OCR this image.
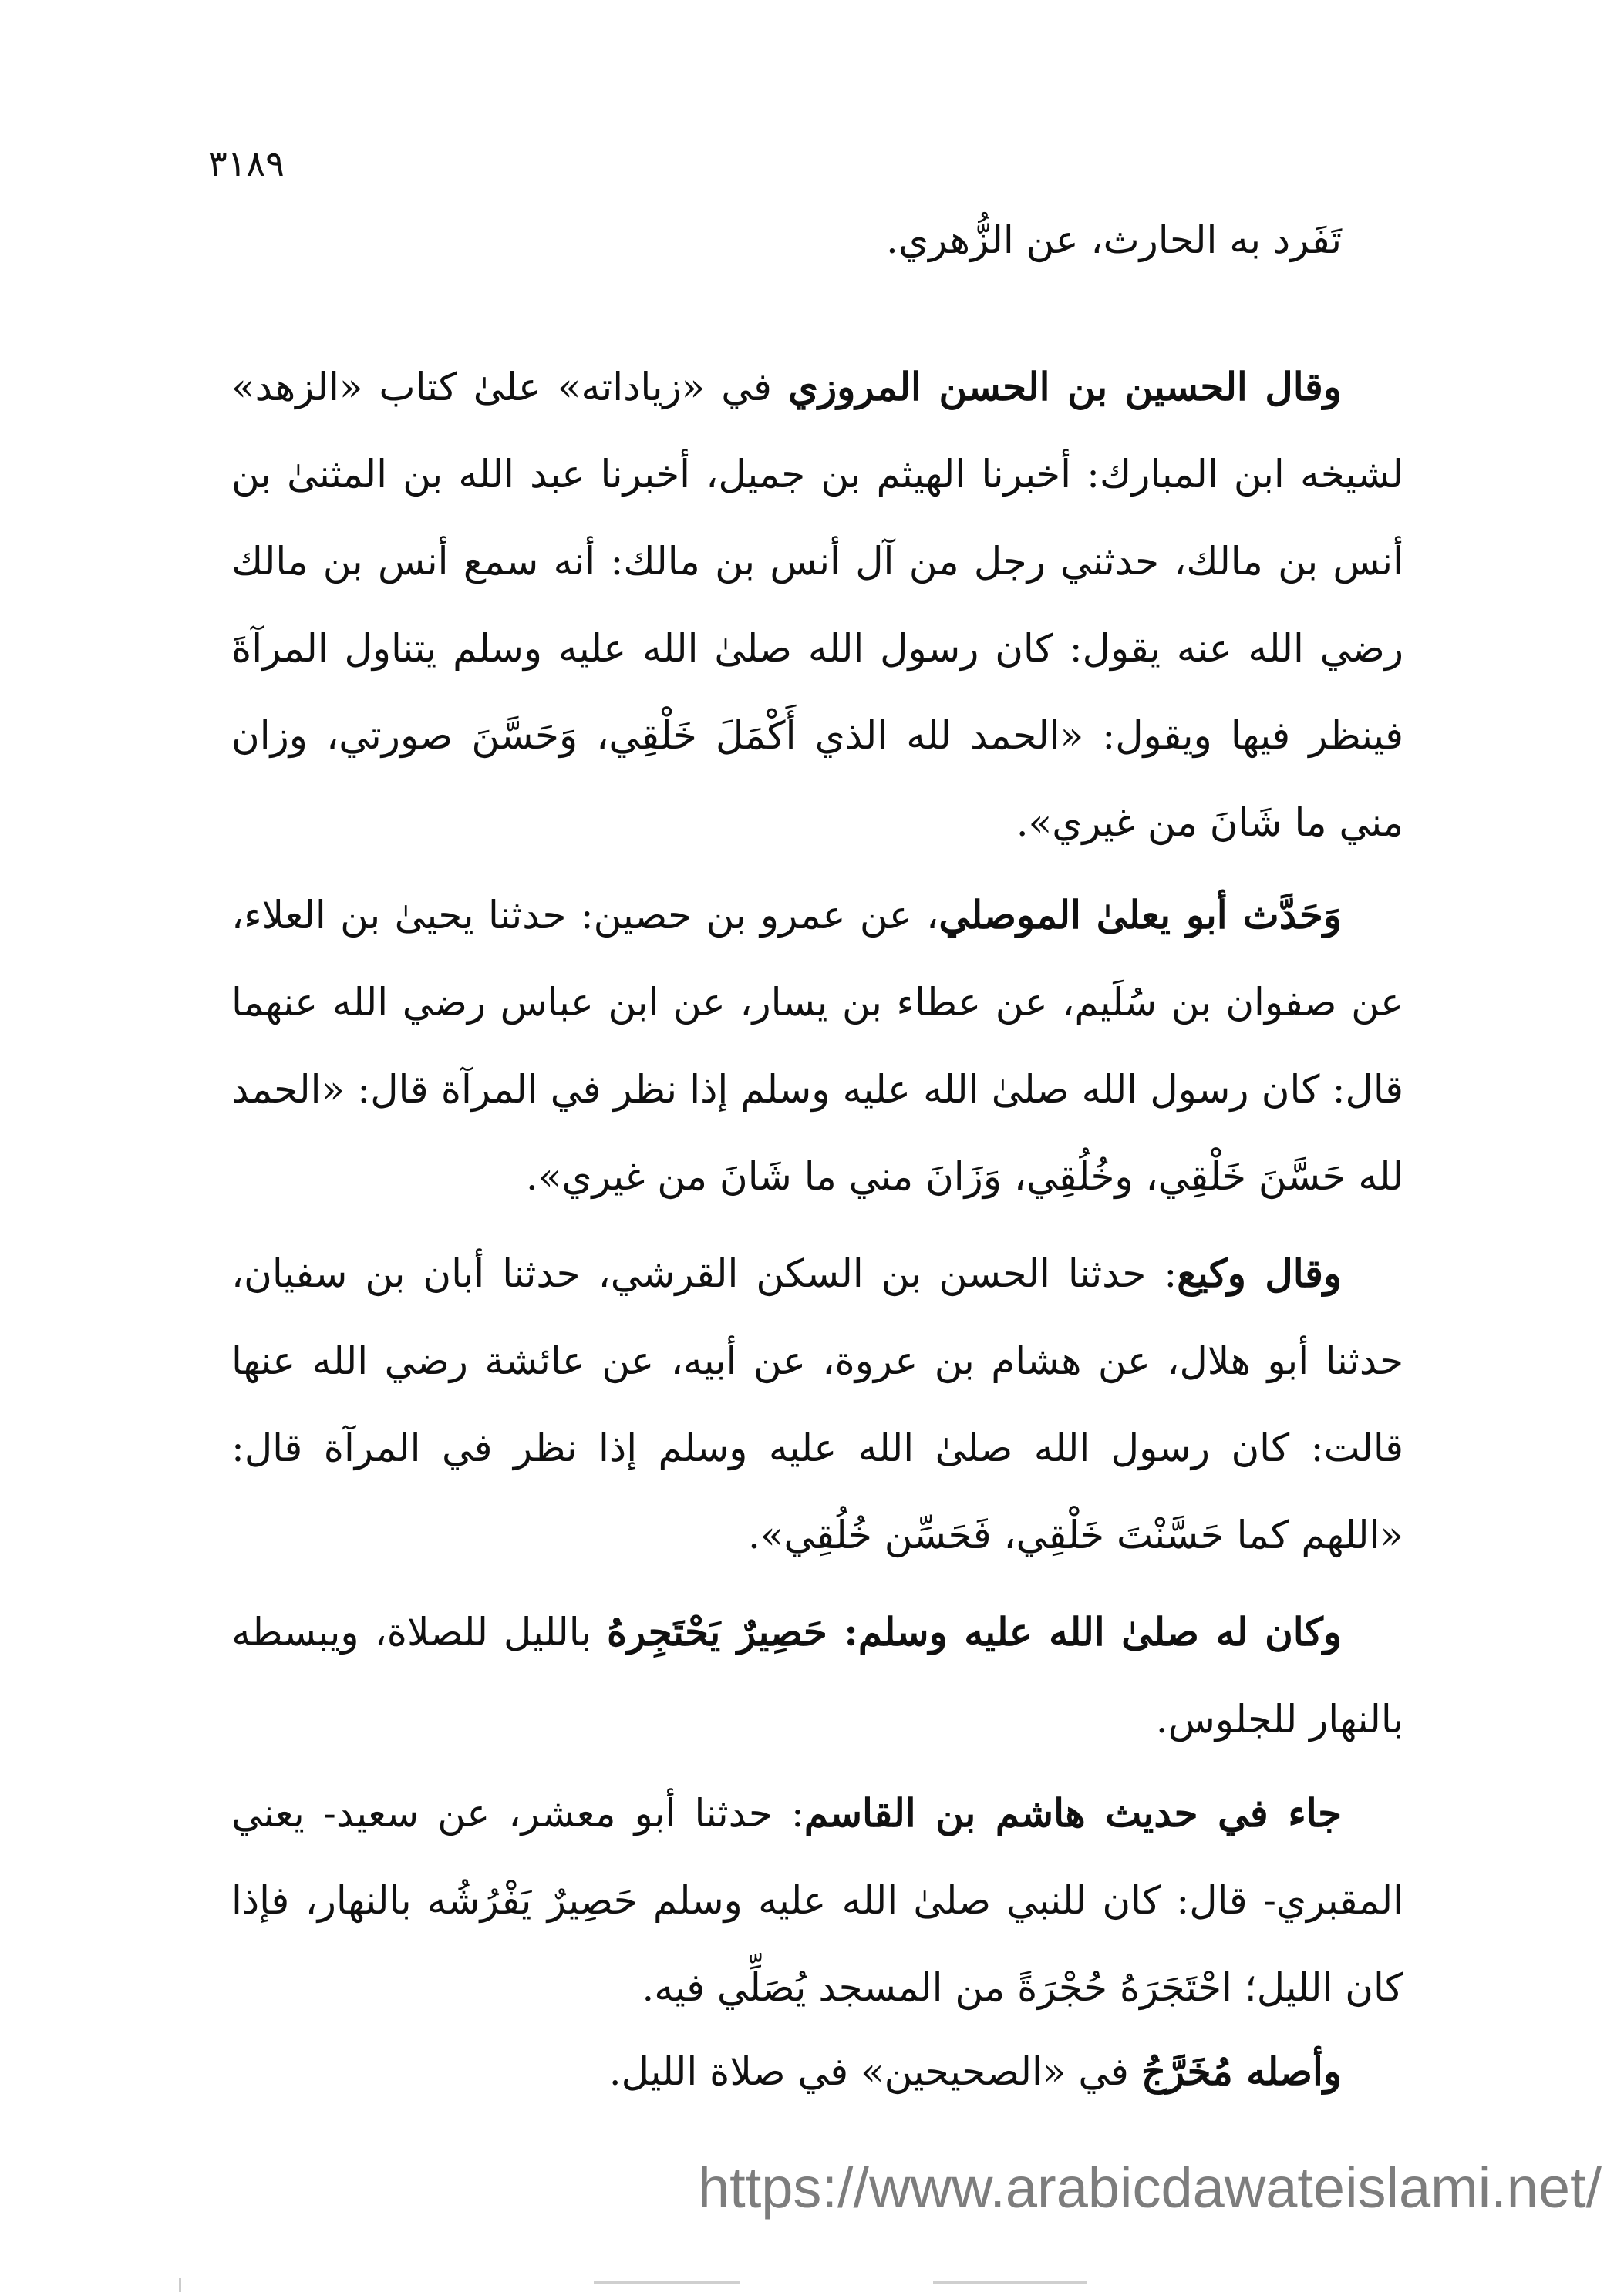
٣١٨٩

تَفَرد به الحارث، عن الزُّهري.

وقال الحسين بن الحسن المروزي في «زياداته» علىٰ كتاب «الزهد» لشيخه ابن المبارك: أخبرنا الهيثم بن جميل، أخبرنا عبد الله بن المثنىٰ بن أنس بن مالك، حدثني رجل من آل أنس بن مالك: أنه سمع أنس بن مالك رضي الله عنه يقول: كان رسول الله صلىٰ الله عليه وسلم يتناول المرآةَ فينظر فيها ويقول: «الحمد لله الذي أَكْمَلَ خَلْقِي، وَحَسَّنَ صورتي، وزان مني ما شَانَ من غيري».

وَحَدَّث أبو يعلىٰ الموصلي، عن عمرو بن حصين: حدثنا يحيىٰ بن العلاء، عن صفوان بن سُلَيم، عن عطاء بن يسار، عن ابن عباس رضي الله عنهما قال: كان رسول الله صلىٰ الله عليه وسلم إذا نظر في المرآة قال: «الحمد لله حَسَّنَ خَلْقِي، وخُلُقِي، وَزَانَ مني ما شَانَ من غيري».

وقال وكيع: حدثنا الحسن بن السكن القرشي، حدثنا أبان بن سفيان، حدثنا أبو هلال، عن هشام بن عروة، عن أبيه، عن عائشة رضي الله عنها قالت: كان رسول الله صلىٰ الله عليه وسلم إذا نظر في المرآة قال: «اللهم كما حَسَّنْتَ خَلْقِي، فَحَسِّن خُلُقِي».

وكان له صلىٰ الله عليه وسلم: حَصِيرٌ يَحْتَجِرهُ بالليل للصلاة، ويبسطه بالنهار للجلوس.

جاء في حديث هاشم بن القاسم: حدثنا أبو معشر، عن سعيد- يعني المقبري- قال: كان للنبي صلىٰ الله عليه وسلم حَصِيرٌ يَفْرُشُه بالنهار، فإذا كان الليل؛ احْتَجَرَهُ حُجْرَةً من المسجد يُصَلِّي فيه.

وأصله مُخَرَّجُ في «الصحيحين» في صلاة الليل.

https://www.arabicdawateislami.net/
